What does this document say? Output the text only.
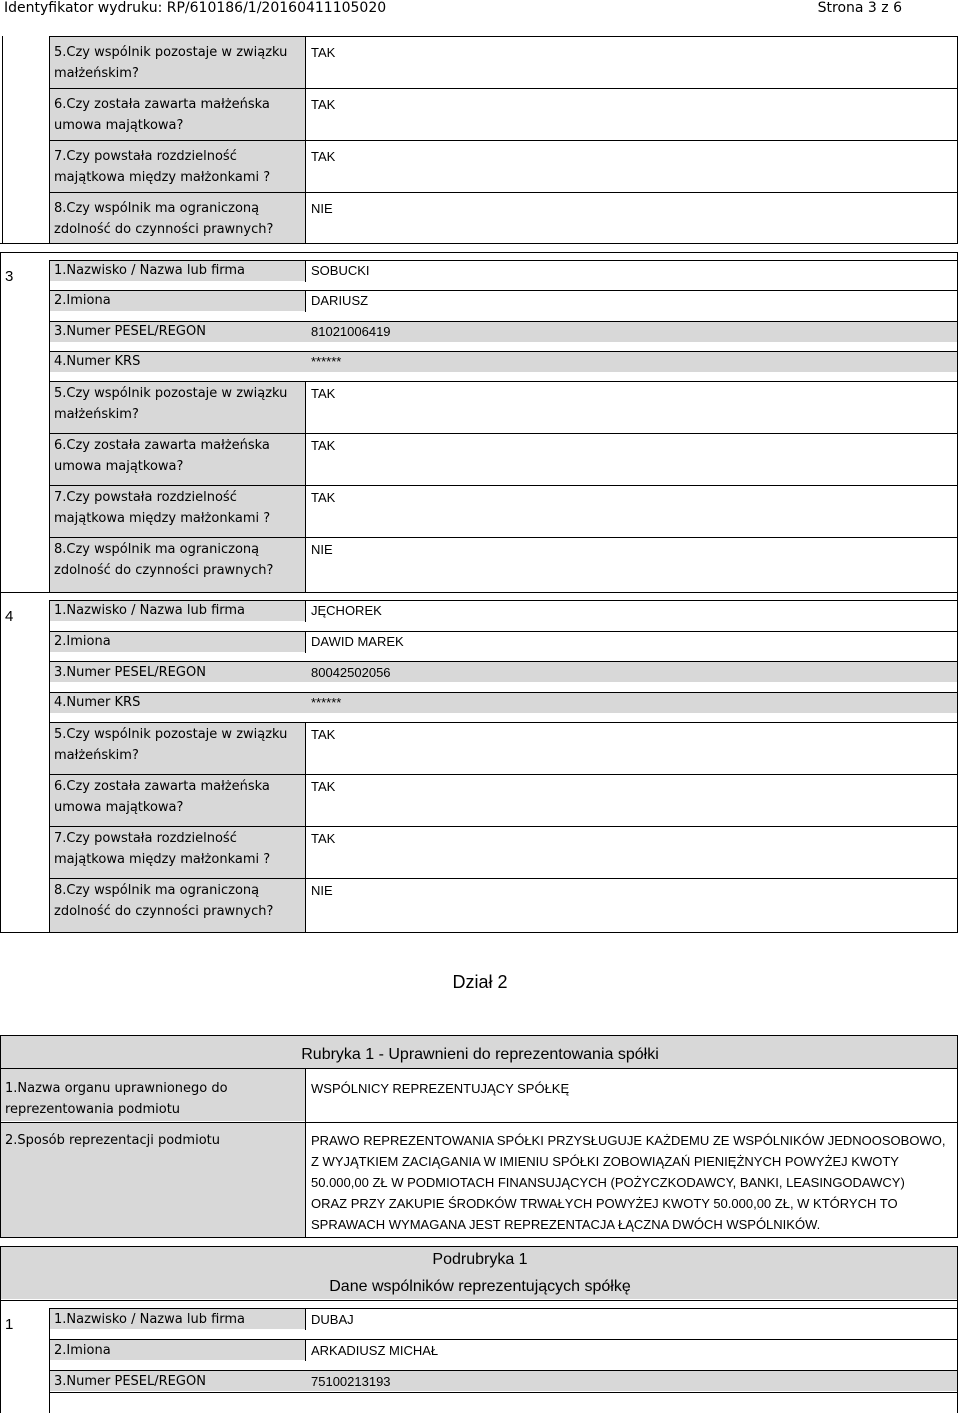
Identyfikator wydruku: RP/610186/1/20160411105020	Strona 3 z 6
5.Czy wspólnik pozostaje w związku
małżeńskim?
TAK
6.Czy została zawarta małżeńska
umowa majątkowa?
TAK
7.Czy powstała rozdzielność
majątkowa między małżonkami ?
TAK
8.Czy wspólnik ma ograniczoną
zdolność do czynności prawnych?
NIE
3	1.Nazwisko / Nazwa lub firma	SOBUCKI
2.Imiona	DARIUSZ
3.Numer PESEL/REGON	81021006419
4.Numer KRS	******
5.Czy wspólnik pozostaje w związku
małżeńskim?
TAK
6.Czy została zawarta małżeńska
umowa majątkowa?
TAK
7.Czy powstała rozdzielność
majątkowa między małżonkami ?
TAK
8.Czy wspólnik ma ograniczoną
zdolność do czynności prawnych?
NIE
4	1.Nazwisko / Nazwa lub firma	JĘCHOREK
2.Imiona	DAWID MAREK
3.Numer PESEL/REGON	80042502056
4.Numer KRS	******
5.Czy wspólnik pozostaje w związku
małżeńskim?
TAK
6.Czy została zawarta małżeńska
umowa majątkowa?
TAK
7.Czy powstała rozdzielność
majątkowa między małżonkami ?
TAK
8.Czy wspólnik ma ograniczoną
zdolność do czynności prawnych?
NIE
Dział 2
Rubryka 1 - Uprawnieni do reprezentowania spółki
1.Nazwa organu uprawnionego do
reprezentowania podmiotu
WSPÓLNICY REPREZENTUJĄCY SPÓŁKĘ
2.Sposób reprezentacji podmiotu	PRAWO REPREZENTOWANIA SPÓŁKI PRZYSŁUGUJE KAŻDEMU ZE WSPÓLNIKÓW JEDNOOSOBOWO,
Z WYJĄTKIEM ZACIĄGANIA W IMIENIU SPÓŁKI ZOBOWIĄZAŃ PIENIĘŻNYCH POWYŻEJ KWOTY
50.000,00 ZŁ W PODMIOTACH FINANSUJĄCYCH (POŻYCZKODAWCY, BANKI, LEASINGODAWCY)
ORAZ PRZY ZAKUPIE ŚRODKÓW TRWAŁYCH POWYŻEJ KWOTY 50.000,00 ZŁ, W KTÓRYCH TO
SPRAWACH WYMAGANA JEST REPREZENTACJA ŁĄCZNA DWÓCH WSPÓLNIKÓW.
Podrubryka 1
Dane wspólników reprezentujących spółkę
1	1.Nazwisko / Nazwa lub firma	DUBAJ
2.Imiona	ARKADIUSZ MICHAŁ
3.Numer PESEL/REGON	75100213193
